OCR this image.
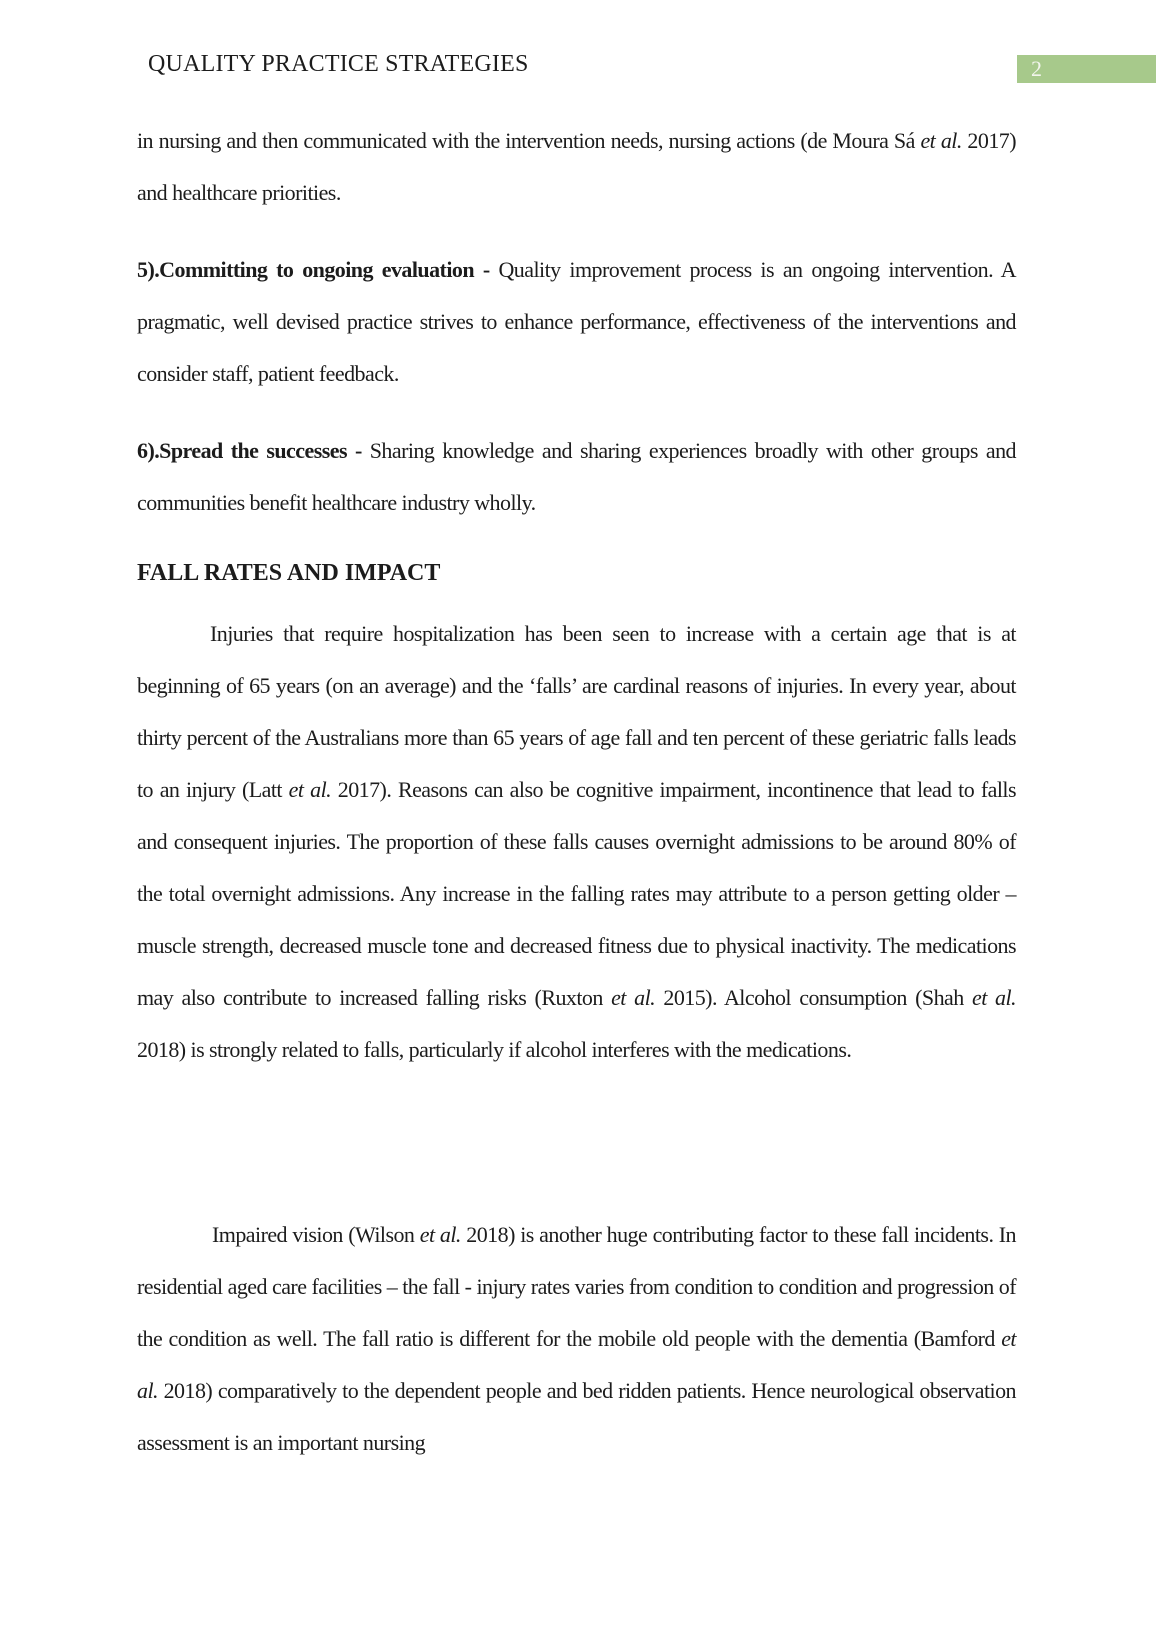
QUALITY PRACTICE STRATEGIES	2

in nursing and then communicated with the intervention needs, nursing actions (de Moura Sá et al. 2017) and healthcare priorities.

5).Committing to ongoing evaluation - Quality improvement process is an ongoing intervention. A pragmatic, well devised practice strives to enhance performance, effectiveness of the interventions and consider staff, patient feedback.

6).Spread the successes - Sharing knowledge and sharing experiences broadly with other groups and communities benefit healthcare industry wholly.

FALL RATES AND IMPACT

Injuries that require hospitalization has been seen to increase with a certain age that is at beginning of 65 years (on an average) and the ‘falls’ are cardinal reasons of injuries. In every year, about thirty percent of the Australians more than 65 years of age fall and ten percent of these geriatric falls leads to an injury (Latt et al. 2017). Reasons can also be cognitive impairment, incontinence that lead to falls and consequent injuries. The proportion of these falls causes overnight admissions to be around 80% of the total overnight admissions. Any increase in the falling rates may attribute to a person getting older – muscle strength, decreased muscle tone and decreased fitness due to physical inactivity. The medications may also contribute to increased falling risks (Ruxton et al. 2015). Alcohol consumption (Shah et al. 2018) is strongly related to falls, particularly if alcohol interferes with the medications.

Impaired vision (Wilson et al. 2018) is another huge contributing factor to these fall incidents. In residential aged care facilities – the fall - injury rates varies from condition to condition and progression of the condition as well. The fall ratio is different for the mobile old people with the dementia (Bamford et al. 2018) comparatively to the dependent people and bed ridden patients. Hence neurological observation assessment is an important nursing
